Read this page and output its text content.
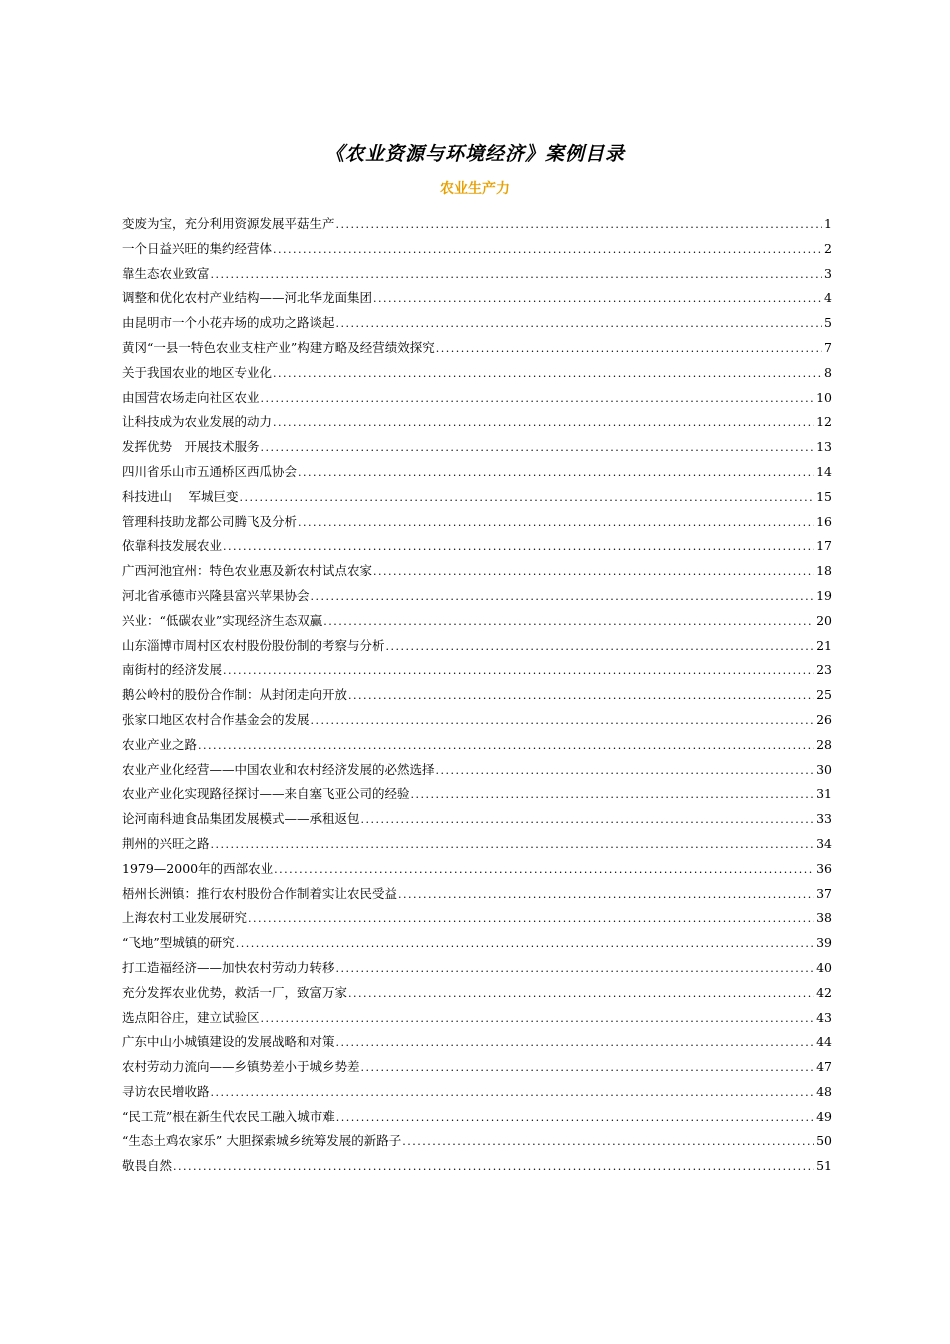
《农业资源与环境经济》案例目录
农业生产力
变废为宝，充分利用资源发展平菇生产 .....	1
一个日益兴旺的集约经营体 .....	2
靠生态农业致富 .....	3
调整和优化农村产业结构——河北华龙面集团 .....	4
由昆明市一个小花卉场的成功之路谈起 .....	5
黄冈“一县一特色农业支柱产业”构建方略及经营绩效探究 .....	7
关于我国农业的地区专业化 .....	8
由国营农场走向社区农业 .....	10
让科技成为农业发展的动力 .....	12
发挥优势　开展技术服务 .....	13
四川省乐山市五通桥区西瓜协会 .....	14
科技进山　 军城巨变 .....	15
管理科技助龙都公司腾飞及分析 .....	16
依靠科技发展农业 .....	17
广西河池宜州：特色农业惠及新农村试点农家 .....	18
河北省承德市兴隆县富兴苹果协会 .....	19
兴业：“低碳农业”实现经济生态双赢 .....	20
山东淄博市周村区农村股份股份制的考察与分析 .....	21
南街村的经济发展 .....	23
鹅公岭村的股份合作制：从封闭走向开放 .....	25
张家口地区农村合作基金会的发展 .....	26
农业产业之路 .....	28
农业产业化经营——中国农业和农村经济发展的必然选择 .....	30
农业产业化实现路径探讨——来自塞飞亚公司的经验 .....	31
论河南科迪食品集团发展模式——承租返包 .....	33
荆州的兴旺之路 .....	34
1979—2000年的西部农业 .....	36
梧州长洲镇：推行农村股份合作制着实让农民受益 .....	37
上海农村工业发展研究 .....	38
“飞地”型城镇的研究 .....	39
打工造福经济——加快农村劳动力转移 .....	40
充分发挥农业优势，救活一厂，致富万家 .....	42
选点阳谷庄，建立试验区 .....	43
广东中山小城镇建设的发展战略和对策 .....	44
农村劳动力流向——乡镇势差小于城乡势差 .....	47
寻访农民增收路 .....	48
“民工荒”根在新生代农民工融入城市难 .....	49
“生态土鸡农家乐” 大胆探索城乡统筹发展的新路子 .....	50
敬畏自然 .....	51
